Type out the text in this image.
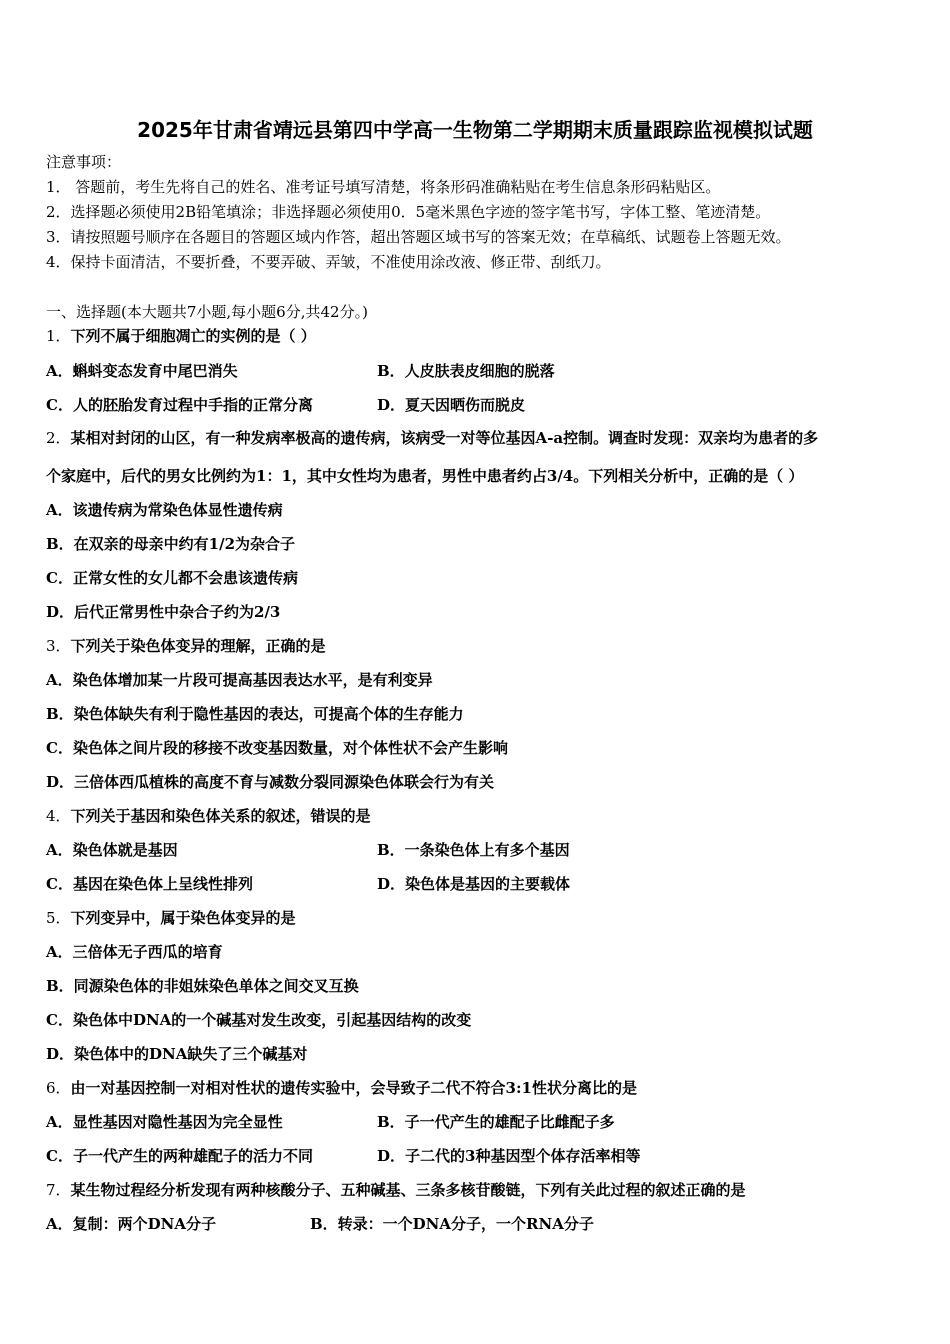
2025年甘肃省靖远县第四中学高一生物第二学期期末质量跟踪监视模拟试题
注意事项：
1． 答题前，考生先将自己的姓名、准考证号填写清楚，将条形码准确粘贴在考生信息条形码粘贴区。
2．选择题必须使用2B铅笔填涂；非选择题必须使用0．5毫米黑色字迹的签字笔书写，字体工整、笔迹清楚。
3．请按照题号顺序在各题目的答题区域内作答，超出答题区域书写的答案无效；在草稿纸、试题卷上答题无效。
4．保持卡面清洁，不要折叠，不要弄破、弄皱，不准使用涂改液、修正带、刮纸刀。
一、选择题(本大题共7小题,每小题6分,共42分。)
1．下列不属于细胞凋亡的实例的是（ ）
A．蝌蚪变态发育中尾巴消失	B．人皮肤表皮细胞的脱落
C．人的胚胎发育过程中手指的正常分离	D．夏天因晒伤而脱皮
2．某相对封闭的山区，有一种发病率极高的遗传病，该病受一对等位基因A-a控制。调查时发现：双亲均为患者的多
个家庭中，后代的男女比例约为1：1，其中女性均为患者，男性中患者约占3/4。下列相关分析中，正确的是（ ）
A．该遗传病为常染色体显性遗传病
B．在双亲的母亲中约有1/2为杂合子
C．正常女性的女儿都不会患该遗传病
D．后代正常男性中杂合子约为2/3
3．下列关于染色体变异的理解，正确的是
A．染色体增加某一片段可提高基因表达水平，是有利变异
B．染色体缺失有利于隐性基因的表达，可提高个体的生存能力
C．染色体之间片段的移接不改变基因数量，对个体性状不会产生影响
D．三倍体西瓜植株的高度不育与减数分裂同源染色体联会行为有关
4．下列关于基因和染色体关系的叙述，错误的是
A．染色体就是基因	B．一条染色体上有多个基因
C．基因在染色体上呈线性排列	D．染色体是基因的主要载体
5．下列变异中，属于染色体变异的是
A．三倍体无子西瓜的培育
B．同源染色体的非姐妹染色单体之间交叉互换
C．染色体中DNA的一个碱基对发生改变，引起基因结构的改变
D．染色体中的DNA缺失了三个碱基对
6．由一对基因控制一对相对性状的遗传实验中，会导致子二代不符合3:1性状分离比的是
A．显性基因对隐性基因为完全显性	B．子一代产生的雄配子比雌配子多
C．子一代产生的两种雄配子的活力不同	D．子二代的3种基因型个体存活率相等
7．某生物过程经分析发现有两种核酸分子、五种碱基、三条多核苷酸链，下列有关此过程的叙述正确的是
A．复制：两个DNA分子	B．转录：一个DNA分子，一个RNA分子
